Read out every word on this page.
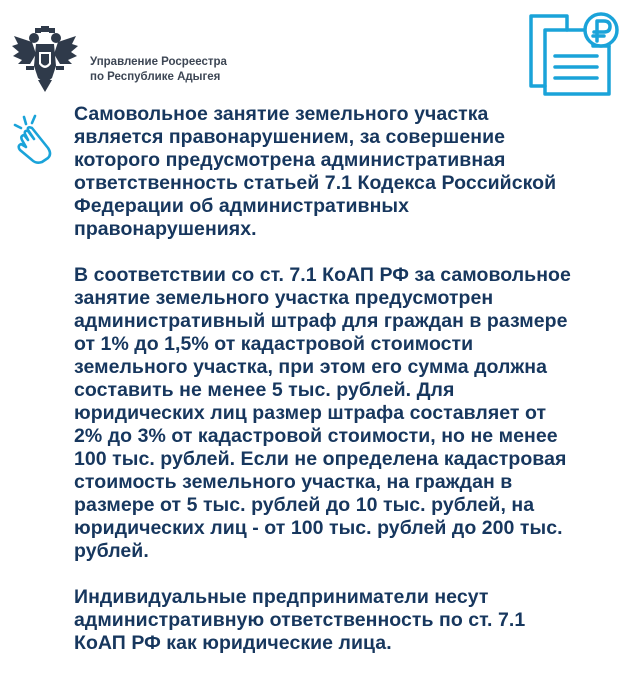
Управление Росреестра
по Республике Адыгея

Самовольное занятие земельного участка
является правонарушением, за совершение
которого предусмотрена административная
ответственность статьей 7.1 Кодекса Российской
Федерации об административных
правонарушениях.

В соответствии со ст. 7.1 КоАП РФ за самовольное
занятие земельного участка предусмотрен
административный штраф для граждан в размере
от 1% до 1,5% от кадастровой стоимости
земельного участка, при этом его сумма должна
составить не менее 5 тыс. рублей. Для
юридических лиц размер штрафа составляет от
2% до 3% от кадастровой стоимости, но не менее
100 тыс. рублей. Если не определена кадастровая
стоимость земельного участка, на граждан в
размере от 5 тыс. рублей до 10 тыс. рублей, на
юридических лиц - от 100 тыс. рублей до 200 тыс.
рублей.

Индивидуальные предприниматели несут
административную ответственность по ст. 7.1
КоАП РФ как юридические лица.
